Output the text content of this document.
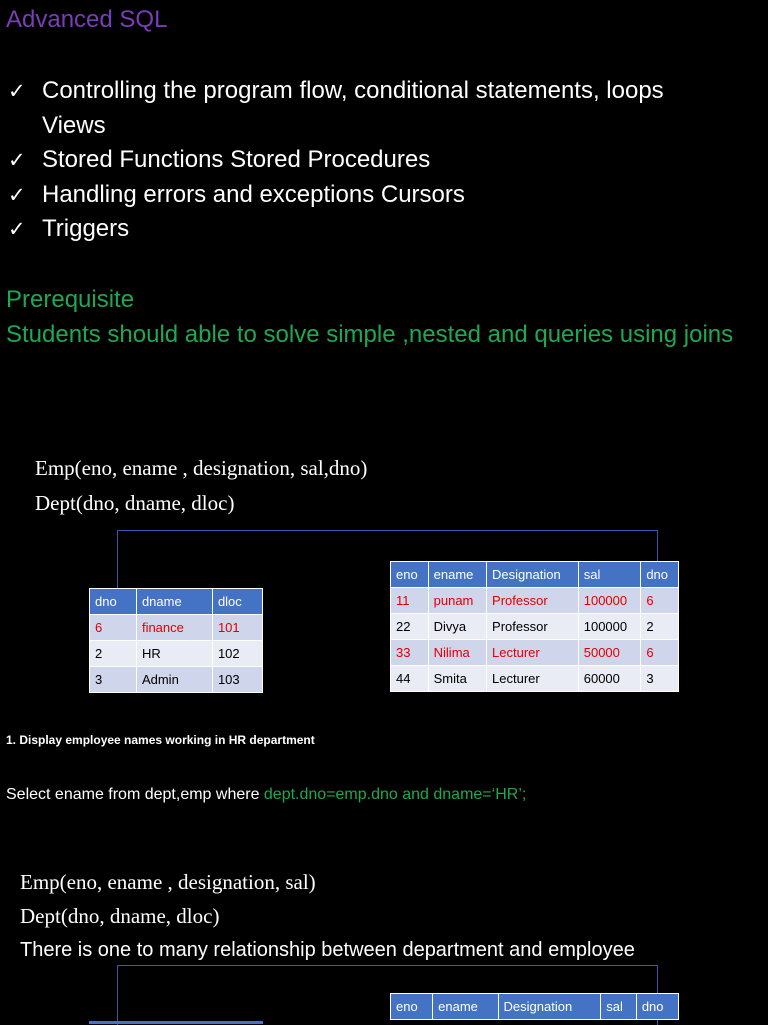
Advanced SQL
✓ Controlling the program flow, conditional statements, loops
Views
✓ Stored Functions Stored Procedures
✓ Handling errors and exceptions Cursors
✓ Triggers
Prerequisite
Students should able to solve simple ,nested and queries using joins
Emp(eno, ename , designation, sal,dno)
Dept(dno, dname, dloc)
dno	dname	dloc
6	finance	101
2	HR	102
3	Admin	103
eno	ename	Designation	sal	dno
11	punam	Professor	100000	6
22	Divya	Professor	100000	2
33	Nilima	Lecturer	50000	6
44	Smita	Lecturer	60000	3
1. Display employee names working in HR department
Select ename from dept,emp where dept.dno=emp.dno and dname=‘HR’;
Emp(eno, ename , designation, sal)
Dept(dno, dname, dloc)
There is one to many relationship between department and employee
eno	ename	Designation	sal	dno
